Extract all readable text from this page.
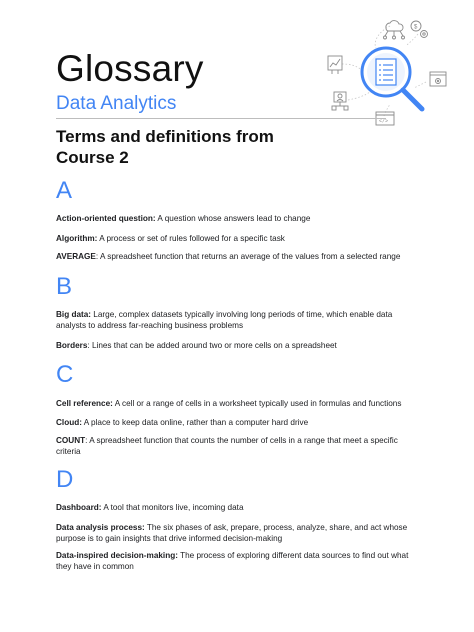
$
</>
Glossary
Data Analytics
Terms and definitions from Course 2
A
Action-oriented question: A question whose answers lead to change
Algorithm: A process or set of rules followed for a specific task
AVERAGE: A spreadsheet function that returns an average of the values from a selected range
B
Big data: Large, complex datasets typically involving long periods of time, which enable data analysts to address far-reaching business problems
Borders: Lines that can be added around two or more cells on a spreadsheet
C
Cell reference: A cell or a range of cells in a worksheet typically used in formulas and functions
Cloud: A place to keep data online, rather than a computer hard drive
COUNT: A spreadsheet function that counts the number of cells in a range that meet a specific criteria
D
Dashboard: A tool that monitors live, incoming data
Data analysis process: The six phases of ask, prepare, process, analyze, share, and act whose purpose is to gain insights that drive informed decision-making
Data-inspired decision-making: The process of exploring different data sources to find out what they have in common
